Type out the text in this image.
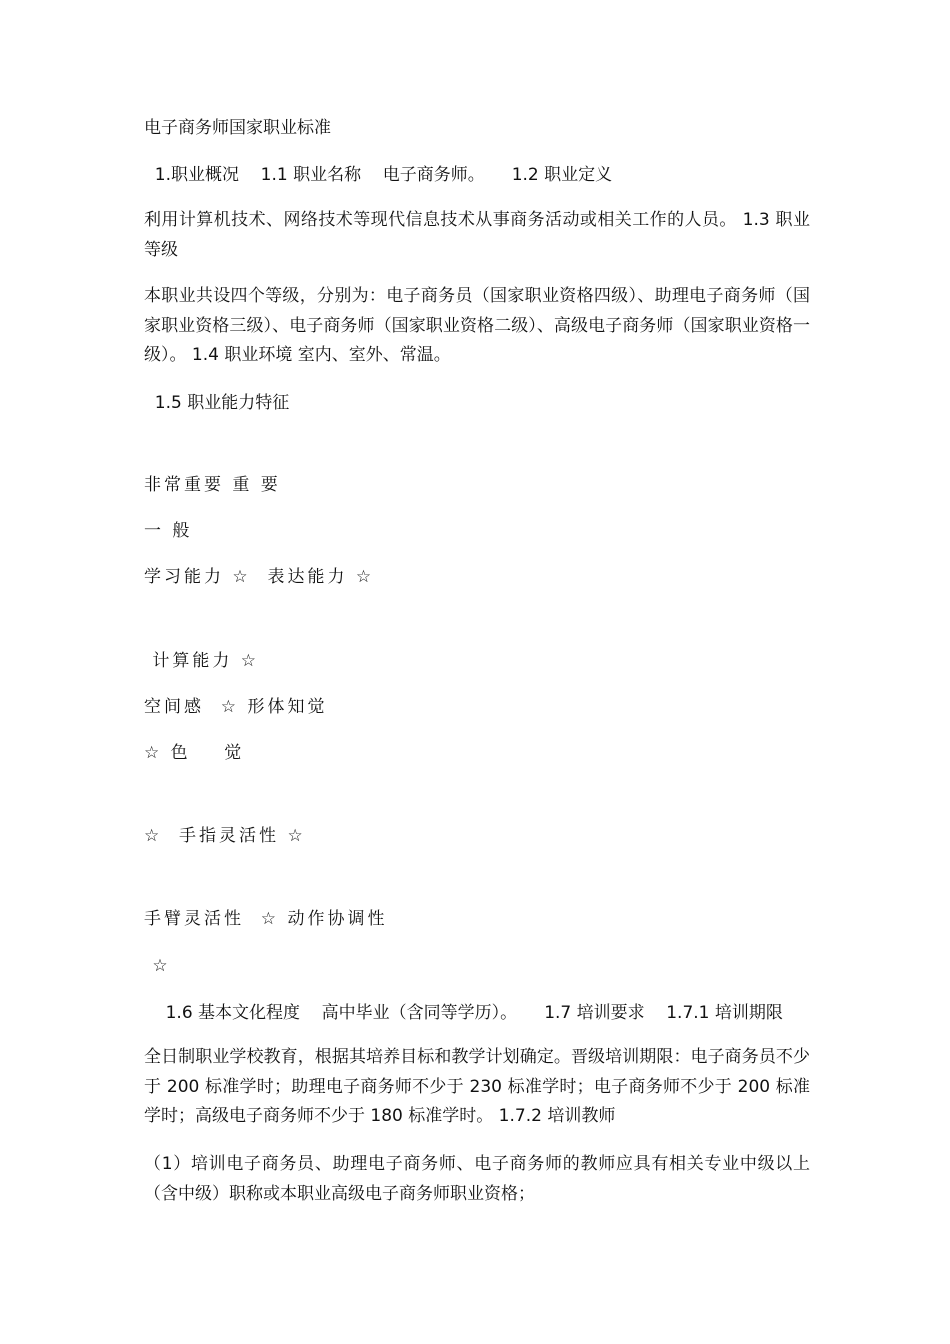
电子商务师国家职业标准
1.职业概况    1.1 职业名称    电子商务师。     1.2 职业定义
利用计算机技术、网络技术等现代信息技术从事商务活动或相关工作的人员。 1.3 职业等级
本职业共设四个等级，分别为：电子商务员（国家职业资格四级）、助理电子商务师（国家职业资格三级）、电子商务师（国家职业资格二级）、高级电子商务师（国家职业资格一级）。 1.4 职业环境 室内、室外、常温。
1.5 职业能力特征
非常重要 重 要
一 般
学习能力 ☆  表达能力 ☆
计算能力 ☆
空间感  ☆ 形体知觉
☆ 色    觉
☆  手指灵活性 ☆
手臂灵活性  ☆ 动作协调性
☆
1.6 基本文化程度    高中毕业（含同等学历）。     1.7 培训要求    1.7.1 培训期限
全日制职业学校教育，根据其培养目标和教学计划确定。晋级培训期限：电子商务员不少于 200 标准学时；助理电子商务师不少于 230 标准学时；电子商务师不少于 200 标准学时；高级电子商务师不少于 180 标准学时。 1.7.2 培训教师
（1）培训电子商务员、助理电子商务师、电子商务师的教师应具有相关专业中级以上（含中级）职称或本职业高级电子商务师职业资格；
